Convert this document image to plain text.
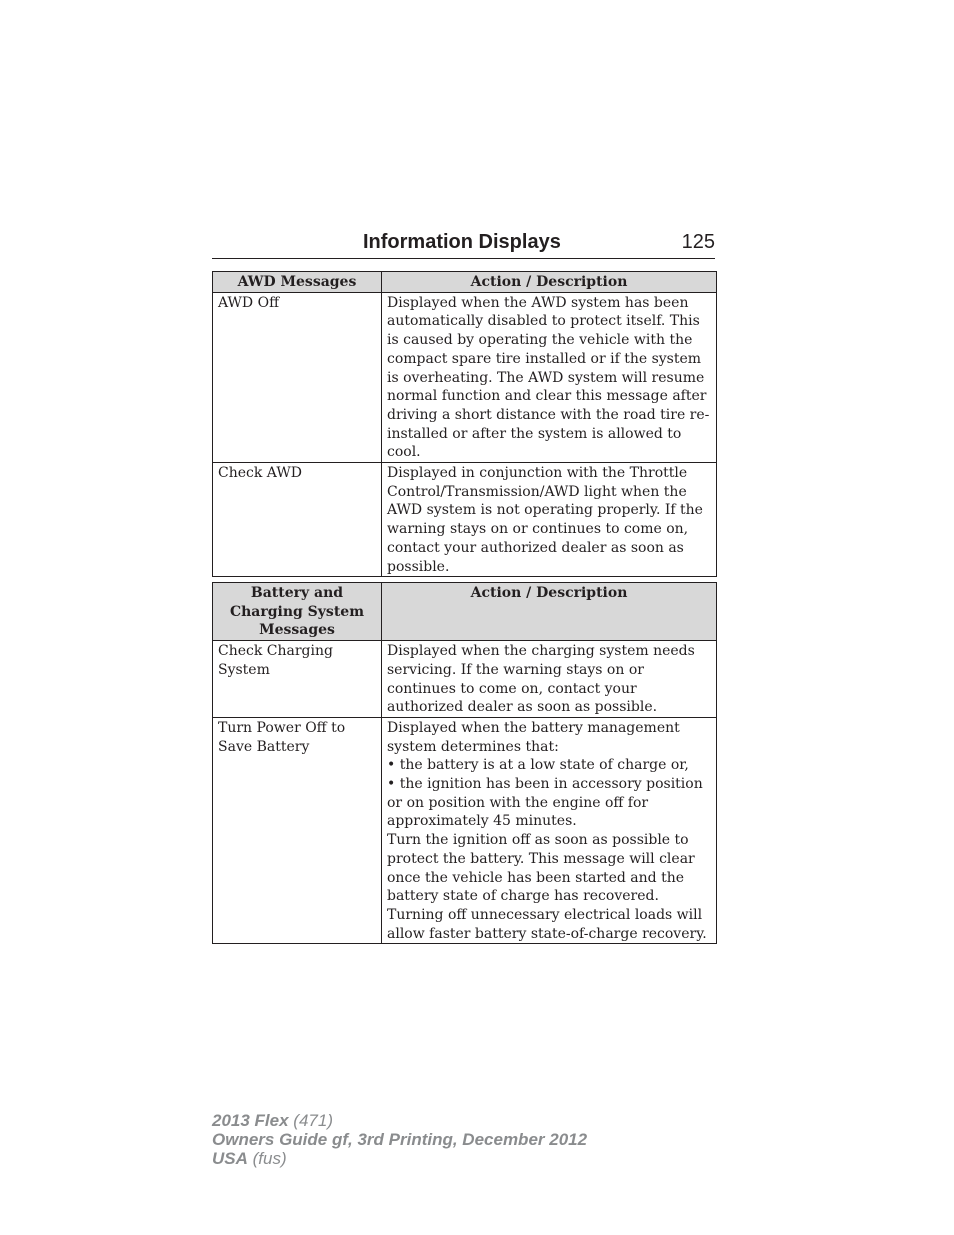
Information Displays	125
AWD Messages	Action / Description
AWD Off	Displayed when the AWD system has been automatically disabled to protect itself. This is caused by operating the vehicle with the compact spare tire installed or if the system is overheating. The AWD system will resume normal function and clear this message after driving a short distance with the road tire re-installed or after the system is allowed to cool.
Check AWD	Displayed in conjunction with the Throttle Control/Transmission/AWD light when the AWD system is not operating properly. If the warning stays on or continues to come on, contact your authorized dealer as soon as possible.
Battery and Charging System Messages	Action / Description
Check Charging System	Displayed when the charging system needs servicing. If the warning stays on or continues to come on, contact your authorized dealer as soon as possible.
Turn Power Off to Save Battery	Displayed when the battery management system determines that:

• the battery is at a low state of charge or,

• the ignition has been in accessory position or on position with the engine off for approximately 45 minutes.

Turn the ignition off as soon as possible to protect the battery. This message will clear once the vehicle has been started and the battery state of charge has recovered. Turning off unnecessary electrical loads will allow faster battery state-of-charge recovery.

2013 Flex (471)
Owners Guide gf, 3rd Printing, December 2012
USA (fus)
